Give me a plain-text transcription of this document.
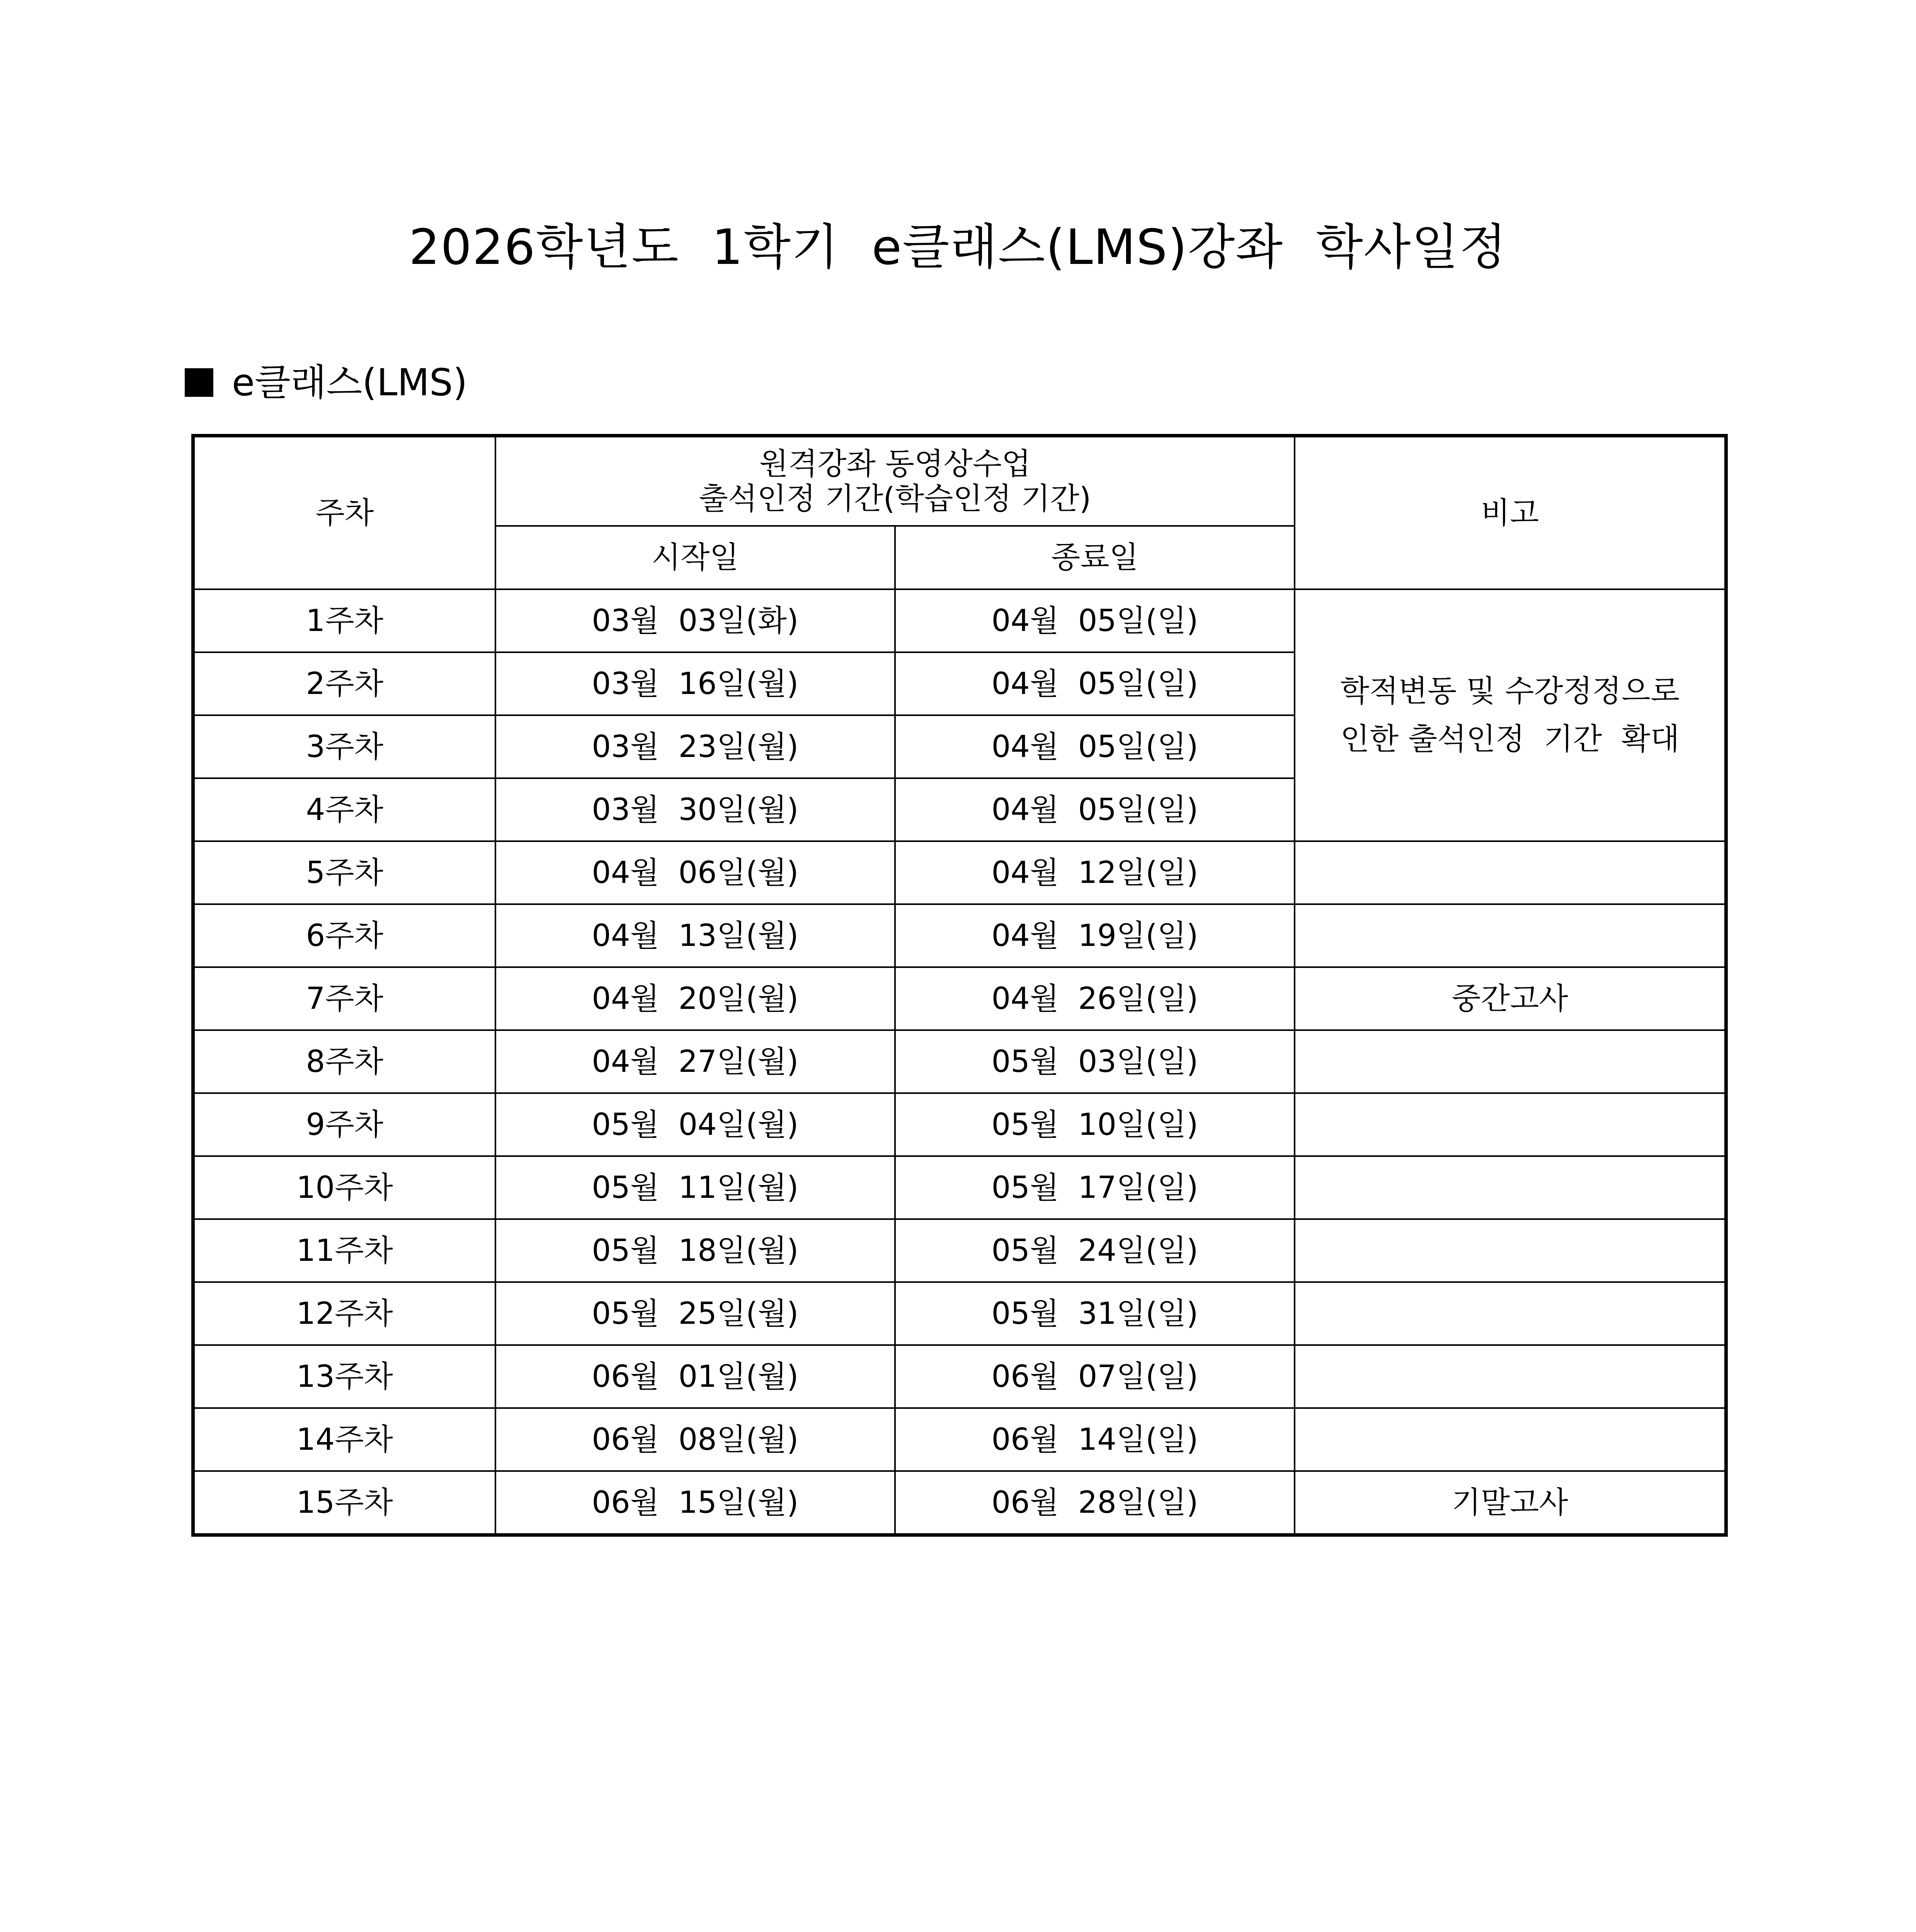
2026학년도  1학기  e클래스(LMS)강좌  학사일정
e클래스(LMS)
주차	원격강좌 동영상수업
출석인정 기간(학습인정 기간)		비고
	시작일	종료일	
1주차	03월  03일(화)	04월  05일(일)	학적변동 및 수강정정으로
인한 출석인정  기간  확대
2주차	03월  16일(월)	04월  05일(일)	
3주차	03월  23일(월)	04월  05일(일)	
4주차	03월  30일(월)	04월  05일(일)	
5주차	04월  06일(월)	04월  12일(일)	
6주차	04월  13일(월)	04월  19일(일)	
7주차	04월  20일(월)	04월  26일(일)	중간고사
8주차	04월  27일(월)	05월  03일(일)	
9주차	05월  04일(월)	05월  10일(일)	
10주차	05월  11일(월)	05월  17일(일)	
11주차	05월  18일(월)	05월  24일(일)	
12주차	05월  25일(월)	05월  31일(일)	
13주차	06월  01일(월)	06월  07일(일)	
14주차	06월  08일(월)	06월  14일(일)	
15주차	06월  15일(월)	06월  28일(일)	기말고사
